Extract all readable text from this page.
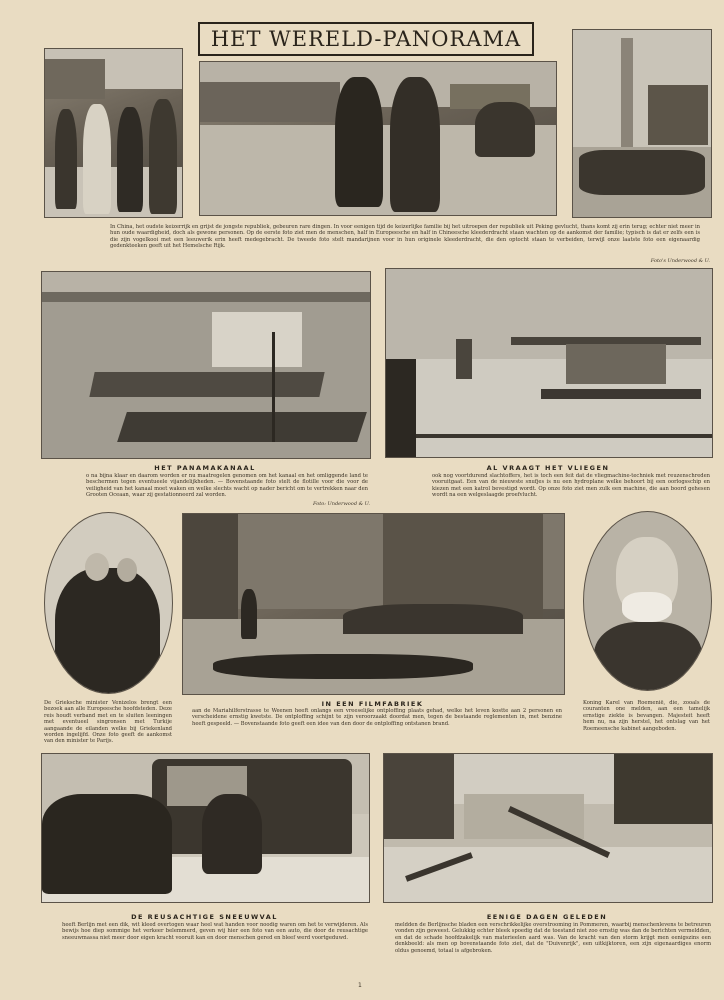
HET WERELD-PANORAMA
In China, het oudste keizerrijk en grijst de jongste republiek, gebeuren rare dingen. In voor eenigen tijd de keizerlijke familie bij het uitroepen der republiek uit Peking gevlucht, thans komt zij erin terug; echter niet meer in hun oude waardigheid, doch als gewone personen. Op de eerste foto ziet men de menschen, half in Europeesche en half in Chineesche kleederdracht staan wachten op de aankomst der familie; typisch is dat er zelfs een is die zijn vogelkooi met een leeuwerik erin heeft medegebracht. De tweede foto stelt mandarijnen voor in hun originele kleederdracht, die den optocht staan te verbeiden, terwijl onze laatste foto een eigenaardig gedenkteeken geeft uit het Hemelsche Rijk.
Foto's Underwood & U.
HET PANAMAKANAAL
o na bijna klaar en daarom worden er nu maatregelen genomen om het kanaal en het omliggende land te beschermen tegen eventueele vijandelijkheden. — Bovenstaande foto stelt de flotille voor die voor de veiligheid van het kanaal moet waken en welke slechts wacht op nader bericht om te vertrekken naar den Grooten Oceaan, waar zij gestationneerd zal worden.
Foto: Underwood & U.
AL VRAAGT HET VLIEGEN
ook nog voortdurend slachtoffers, het is toch een feit dat de vliegmachine-techniek met reuzenschreden vooruitgaat. Een van de nieuwste snufjes is nu een hydroplane welke behoort bij een oorlogsschip en kiezen met een katrol bevestigd wordt. Op onze foto ziet men zulk een machine, die aan boord gehesen wordt na een welgeslaagde proefvlucht.
De Grieksche minister Venizelos brengt een bezoek aan alle Europeesche hoofdsteden. Deze reis houdt verband met en te sluiten leeningen met eventueel singronsen met Turkije aangaande de eilanden welke bij Griekenland worden ingelijfd. Onze foto geeft de aankomst van den minister te Parijs.
IN EEN FILMFABRIEK
aan de Mariahilferstrasse te Weenen heeft onlangs een vreeselijke ontploffing plaats gehad, welke het leven kostte aan 2 personen en verscheidene ernstig kwetste. De ontploffing schijnt te zijn veroorzaakt doordat men, tegen de bestaande reglementen in, met benzine heeft gespeeld. — Bovenstaande foto geeft een idee van den door de ontploffing ontstanen brand.
Koning Karel van Roemenië, die, zooals de couranten one melden, aan een tamelijk ernstige ziekte is bevangen. Majesteit heeft hem nu, na zijn herstel, het ontslag van het Roemeensche kabinet aangeboden.
DE REUSACHTIGE SNEEUWVAL
heeft Berlijn met een dik, wit kleed overtogen waar heel wat handen voor noodig waren om het te verwijderen. Als bewijs hoe diep sommige het verkeer belemmerd, geven wij hier een foto van een auto, die door de reusachtige sneeuwmassa niet meer door eigen kracht vooruit kan en door menschen gered en bleef werd voortgeduwd.
EENIGE DAGEN GELEDEN
meldden de Berlijnsche bladen een verschrikkelijke overstrooming in Pommeren, waarbij menschenlevens te betreuren vonden zijn geweest. Gelukkig echter bleek spoedig dat de toestand niet zoo ernstig was dan de berichten vermeldden, en dat de schade hoofdzakelijk van materieelen aard was. Van de kracht van den storm krijgt men eenigszins een denkbeeld: als men op bovenstaande foto ziet, dat de "Duivenrijk", een uitkijktoren, een zijn eigenaardiges enorm oldus genoemd, totaal is afgebroken.
1
